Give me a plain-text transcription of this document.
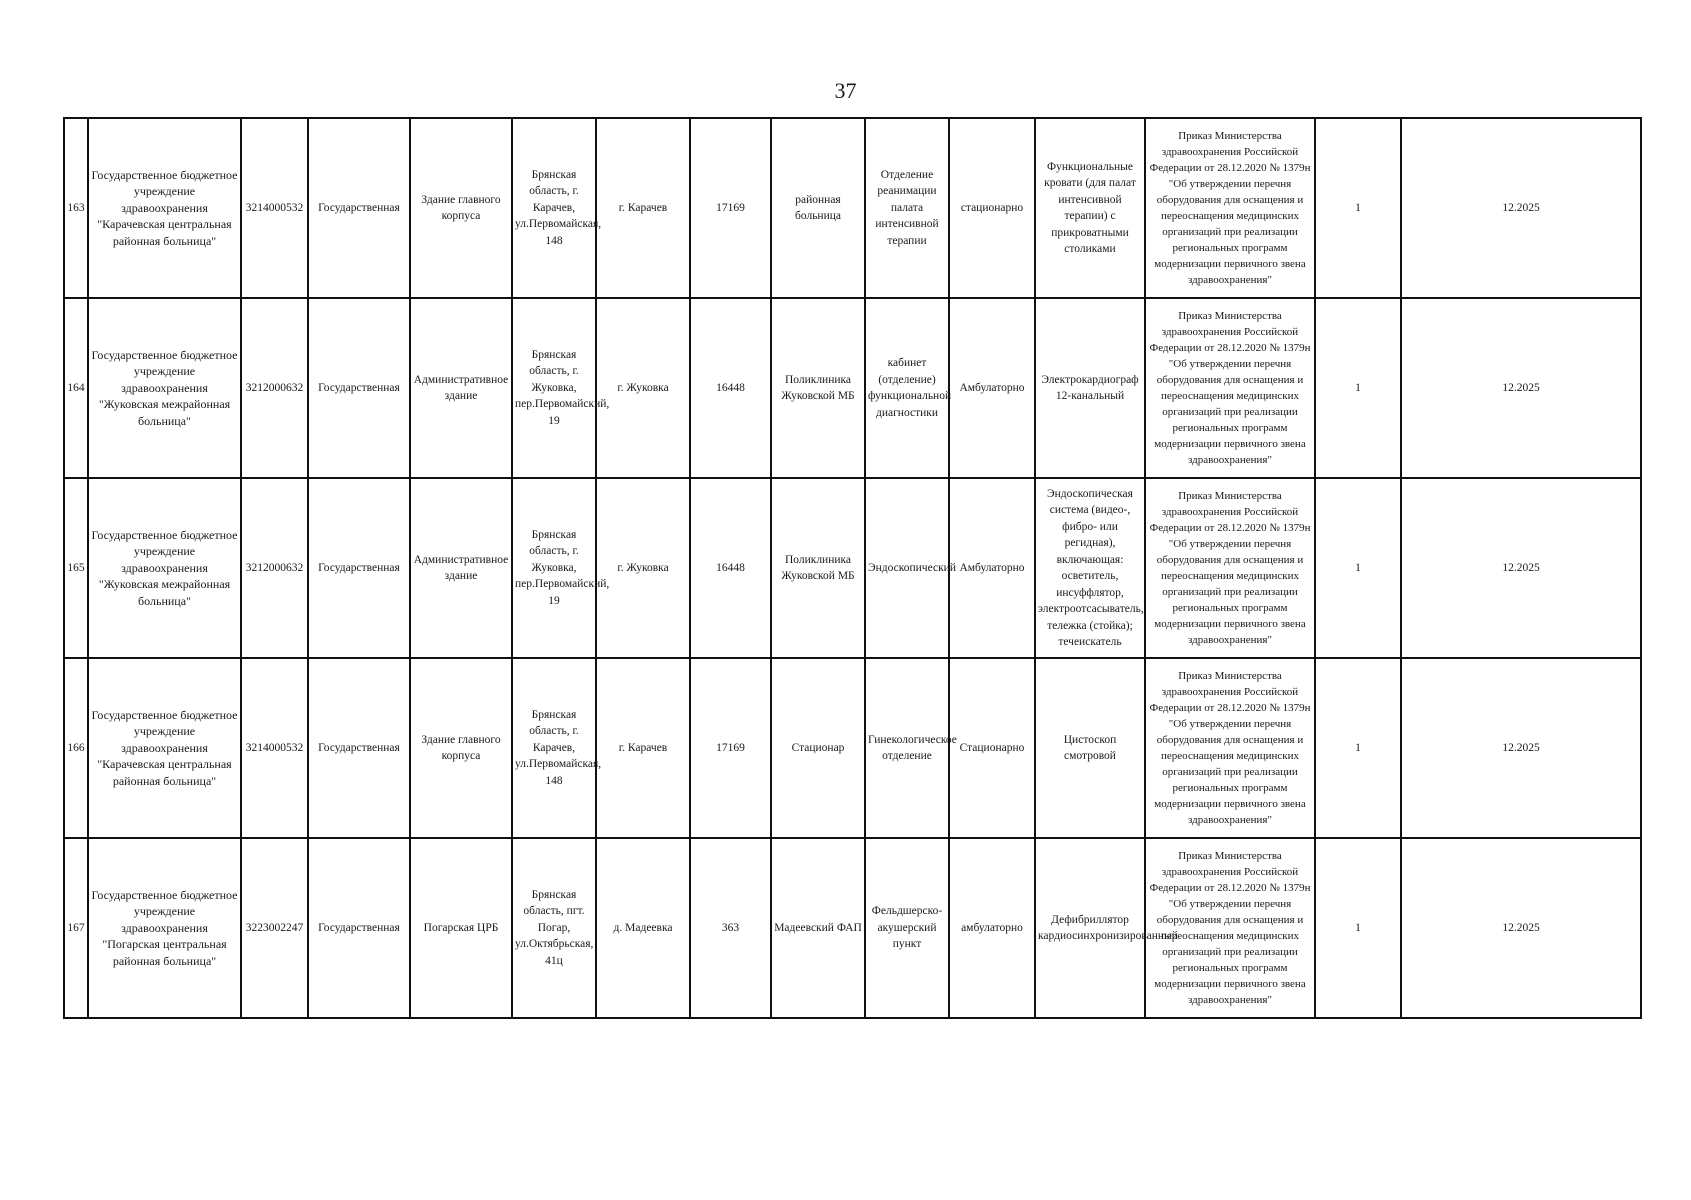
37
163	Государственное бюджетное учреждение здравоохранения "Карачевская центральная районная больница"	3214000532	Государственная	Здание главного корпуса	Брянская область, г. Карачев, ул.Первомайская, 148	г. Карачев	17169	районная больница	Отделение реанимации палата интенсивной терапии	стационарно	Функциональные кровати (для палат интенсивной терапии) с прикроватными столиками	Приказ Министерства здравоохранения Российской Федерации от 28.12.2020 № 1379н "Об утверждении перечня оборудования для оснащения и переоснащения медицинских организаций при реализации региональных программ модернизации первичного звена здравоохранения"	1	12.2025
164	Государственное бюджетное учреждение здравоохранения "Жуковская межрайонная больница"	3212000632	Государственная	Административное здание	Брянская область, г. Жуковка, пер.Первомайский, 19	г. Жуковка	16448	Поликлиника Жуковской МБ	кабинет (отделение) функциональной диагностики	Амбулаторно	Электрокардиограф 12-канальный	Приказ Министерства здравоохранения Российской Федерации от 28.12.2020 № 1379н "Об утверждении перечня оборудования для оснащения и переоснащения медицинских организаций при реализации региональных программ модернизации первичного звена здравоохранения"	1	12.2025
165	Государственное бюджетное учреждение здравоохранения "Жуковская межрайонная больница"	3212000632	Государственная	Административное здание	Брянская область, г. Жуковка, пер.Первомайский, 19	г. Жуковка	16448	Поликлиника Жуковской МБ	Эндоскопический	Амбулаторно	Эндоскопическая система (видео-, фибро- или регидная), включающая: осветитель, инсуффлятор, электроотсасыватель, тележка (стойка); течеискатель	Приказ Министерства здравоохранения Российской Федерации от 28.12.2020 № 1379н "Об утверждении перечня оборудования для оснащения и переоснащения медицинских организаций при реализации региональных программ модернизации первичного звена здравоохранения"	1	12.2025
166	Государственное бюджетное учреждение здравоохранения "Карачевская центральная районная больница"	3214000532	Государственная	Здание главного корпуса	Брянская область, г. Карачев, ул.Первомайская, 148	г. Карачев	17169	Стационар	Гинекологическое отделение	Стационарно	Цистоскоп смотровой	Приказ Министерства здравоохранения Российской Федерации от 28.12.2020 № 1379н "Об утверждении перечня оборудования для оснащения и переоснащения медицинских организаций при реализации региональных программ модернизации первичного звена здравоохранения"	1	12.2025
167	Государственное бюджетное учреждение здравоохранения "Погарская центральная районная больница"	3223002247	Государственная	Погарская ЦРБ	Брянская область, пгт. Погар, ул.Октябрьская, 41ц	д. Мадеевка	363	Мадеевский ФАП	Фельдшерско-акушерский пункт	амбулаторно	Дефибриллятор кардиосинхронизированный	Приказ Министерства здравоохранения Российской Федерации от 28.12.2020 № 1379н "Об утверждении перечня оборудования для оснащения и переоснащения медицинских организаций при реализации региональных программ модернизации первичного звена здравоохранения"	1	12.2025
